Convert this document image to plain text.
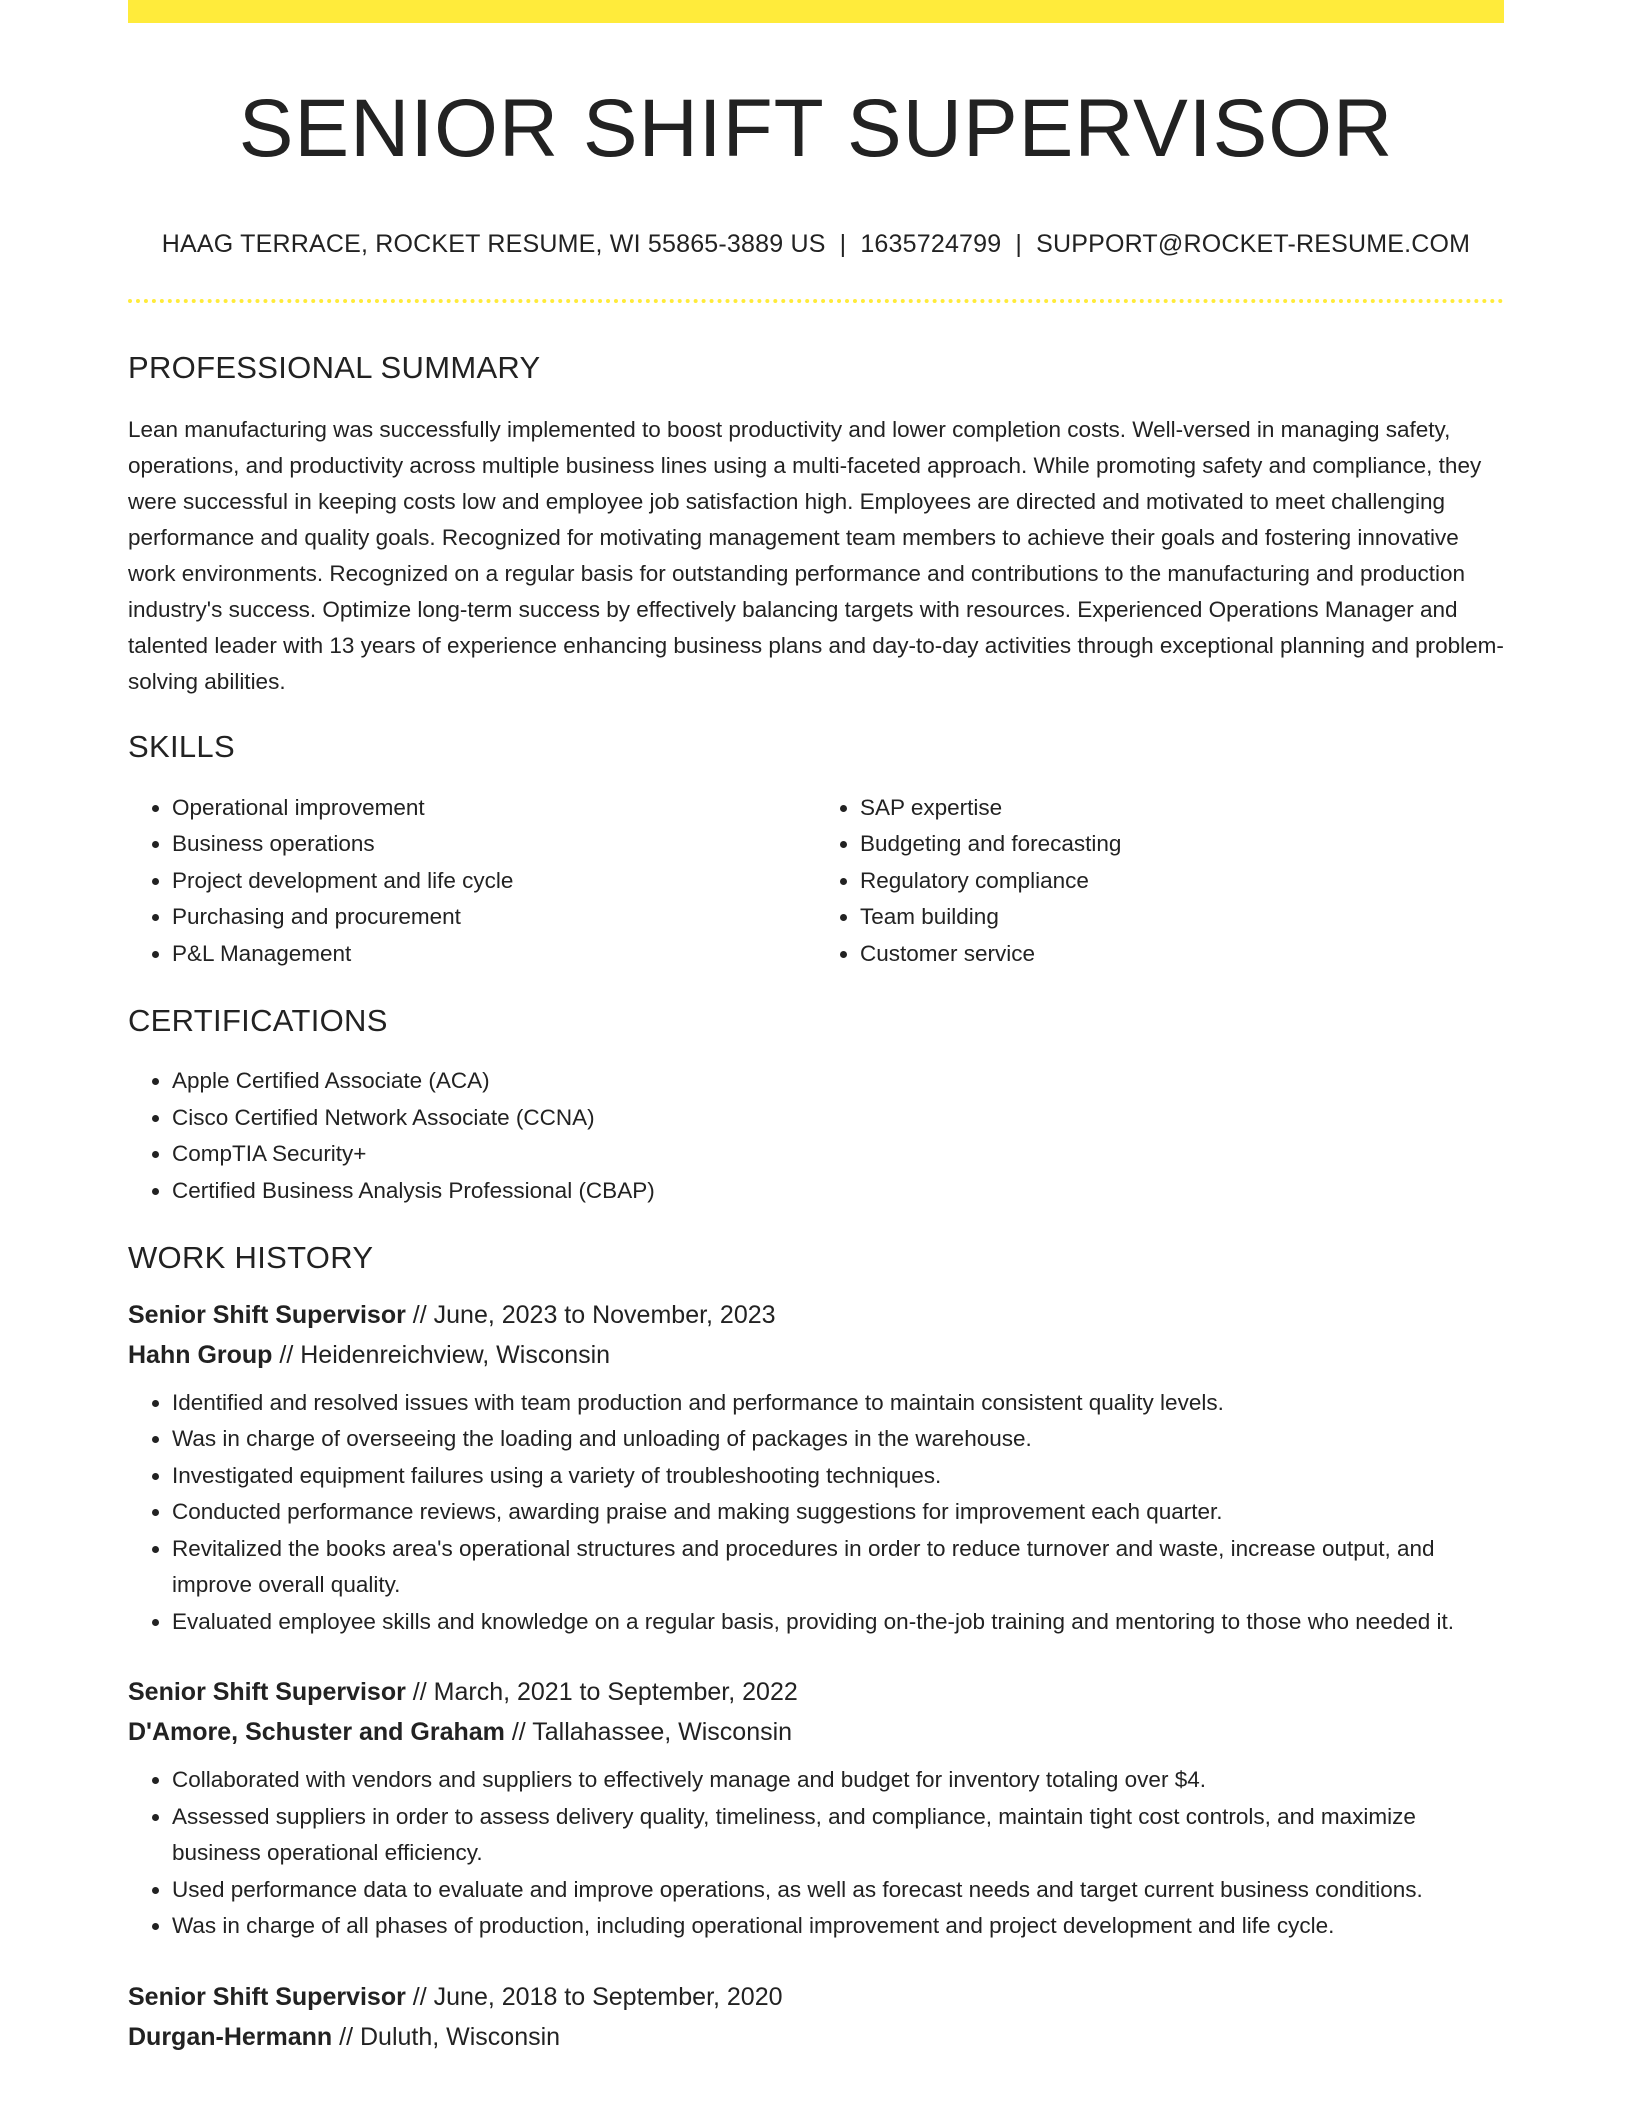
SENIOR SHIFT SUPERVISOR
HAAG TERRACE, ROCKET RESUME, WI 55865-3889 US | 1635724799 | SUPPORT@ROCKET-RESUME.COM
PROFESSIONAL SUMMARY

Lean manufacturing was successfully implemented to boost productivity and lower completion costs. Well-versed in managing safety, operations, and productivity across multiple business lines using a multi-faceted approach. While promoting safety and compliance, they were successful in keeping costs low and employee job satisfaction high. Employees are directed and motivated to meet challenging performance and quality goals. Recognized for motivating management team members to achieve their goals and fostering innovative work environments. Recognized on a regular basis for outstanding performance and contributions to the manufacturing and production industry's success. Optimize long-term success by effectively balancing targets with resources. Experienced Operations Manager and talented leader with 13 years of experience enhancing business plans and day-to-day activities through exceptional planning and problem-solving abilities.

SKILLS
• Operational improvement
• Business operations
• Project development and life cycle
• Purchasing and procurement
• P&L Management
• SAP expertise
• Budgeting and forecasting
• Regulatory compliance
• Team building
• Customer service
CERTIFICATIONS
• Apple Certified Associate (ACA)
• Cisco Certified Network Associate (CCNA)
• CompTIA Security+
• Certified Business Analysis Professional (CBAP)
WORK HISTORY
Senior Shift Supervisor // June, 2023 to November, 2023
Hahn Group // Heidenreichview, Wisconsin
• Identified and resolved issues with team production and performance to maintain consistent quality levels.
• Was in charge of overseeing the loading and unloading of packages in the warehouse.
• Investigated equipment failures using a variety of troubleshooting techniques.
• Conducted performance reviews, awarding praise and making suggestions for improvement each quarter.
• Revitalized the books area's operational structures and procedures in order to reduce turnover and waste, increase output, and improve overall quality.
• Evaluated employee skills and knowledge on a regular basis, providing on-the-job training and mentoring to those who needed it.
Senior Shift Supervisor // March, 2021 to September, 2022
D'Amore, Schuster and Graham // Tallahassee, Wisconsin
• Collaborated with vendors and suppliers to effectively manage and budget for inventory totaling over $4.
• Assessed suppliers in order to assess delivery quality, timeliness, and compliance, maintain tight cost controls, and maximize business operational efficiency.
• Used performance data to evaluate and improve operations, as well as forecast needs and target current business conditions.
• Was in charge of all phases of production, including operational improvement and project development and life cycle.
Senior Shift Supervisor // June, 2018 to September, 2020
Durgan-Hermann // Duluth, Wisconsin
